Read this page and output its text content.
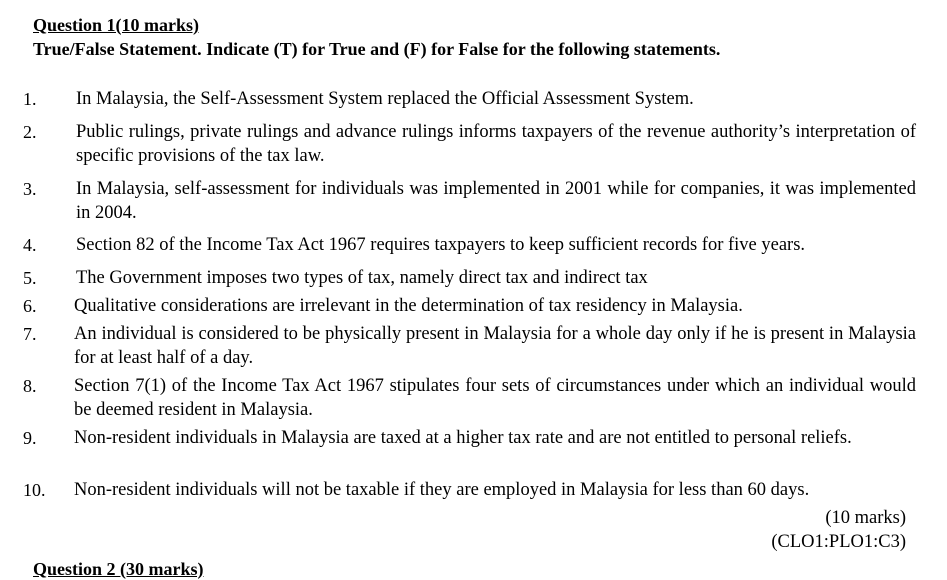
Question 1(10 marks)
True/False Statement. Indicate (T) for True and (F) for False for the following statements.
1. In Malaysia, the Self-Assessment System replaced the Official Assessment System.
2. Public rulings, private rulings and advance rulings informs taxpayers of the revenue authority’s interpretation of specific provisions of the tax law.
3. In Malaysia, self-assessment for individuals was implemented in 2001 while for companies, it was implemented in 2004.
4. Section 82 of the Income Tax Act 1967 requires taxpayers to keep sufficient records for five years.
5. The Government imposes two types of tax, namely direct tax and indirect tax
6. Qualitative considerations are irrelevant in the determination of tax residency in Malaysia.
7. An individual is considered to be physically present in Malaysia for a whole day only if he is present in Malaysia for at least half of a day.
8. Section 7(1) of the Income Tax Act 1967 stipulates four sets of circumstances under which an individual would be deemed resident in Malaysia.
9. Non-resident individuals in Malaysia are taxed at a higher tax rate and are not entitled to personal reliefs.
10. Non-resident individuals will not be taxable if they are employed in Malaysia for less than 60 days.
(10 marks)
(CLO1:PLO1:C3)
Question 2 (30 marks)
